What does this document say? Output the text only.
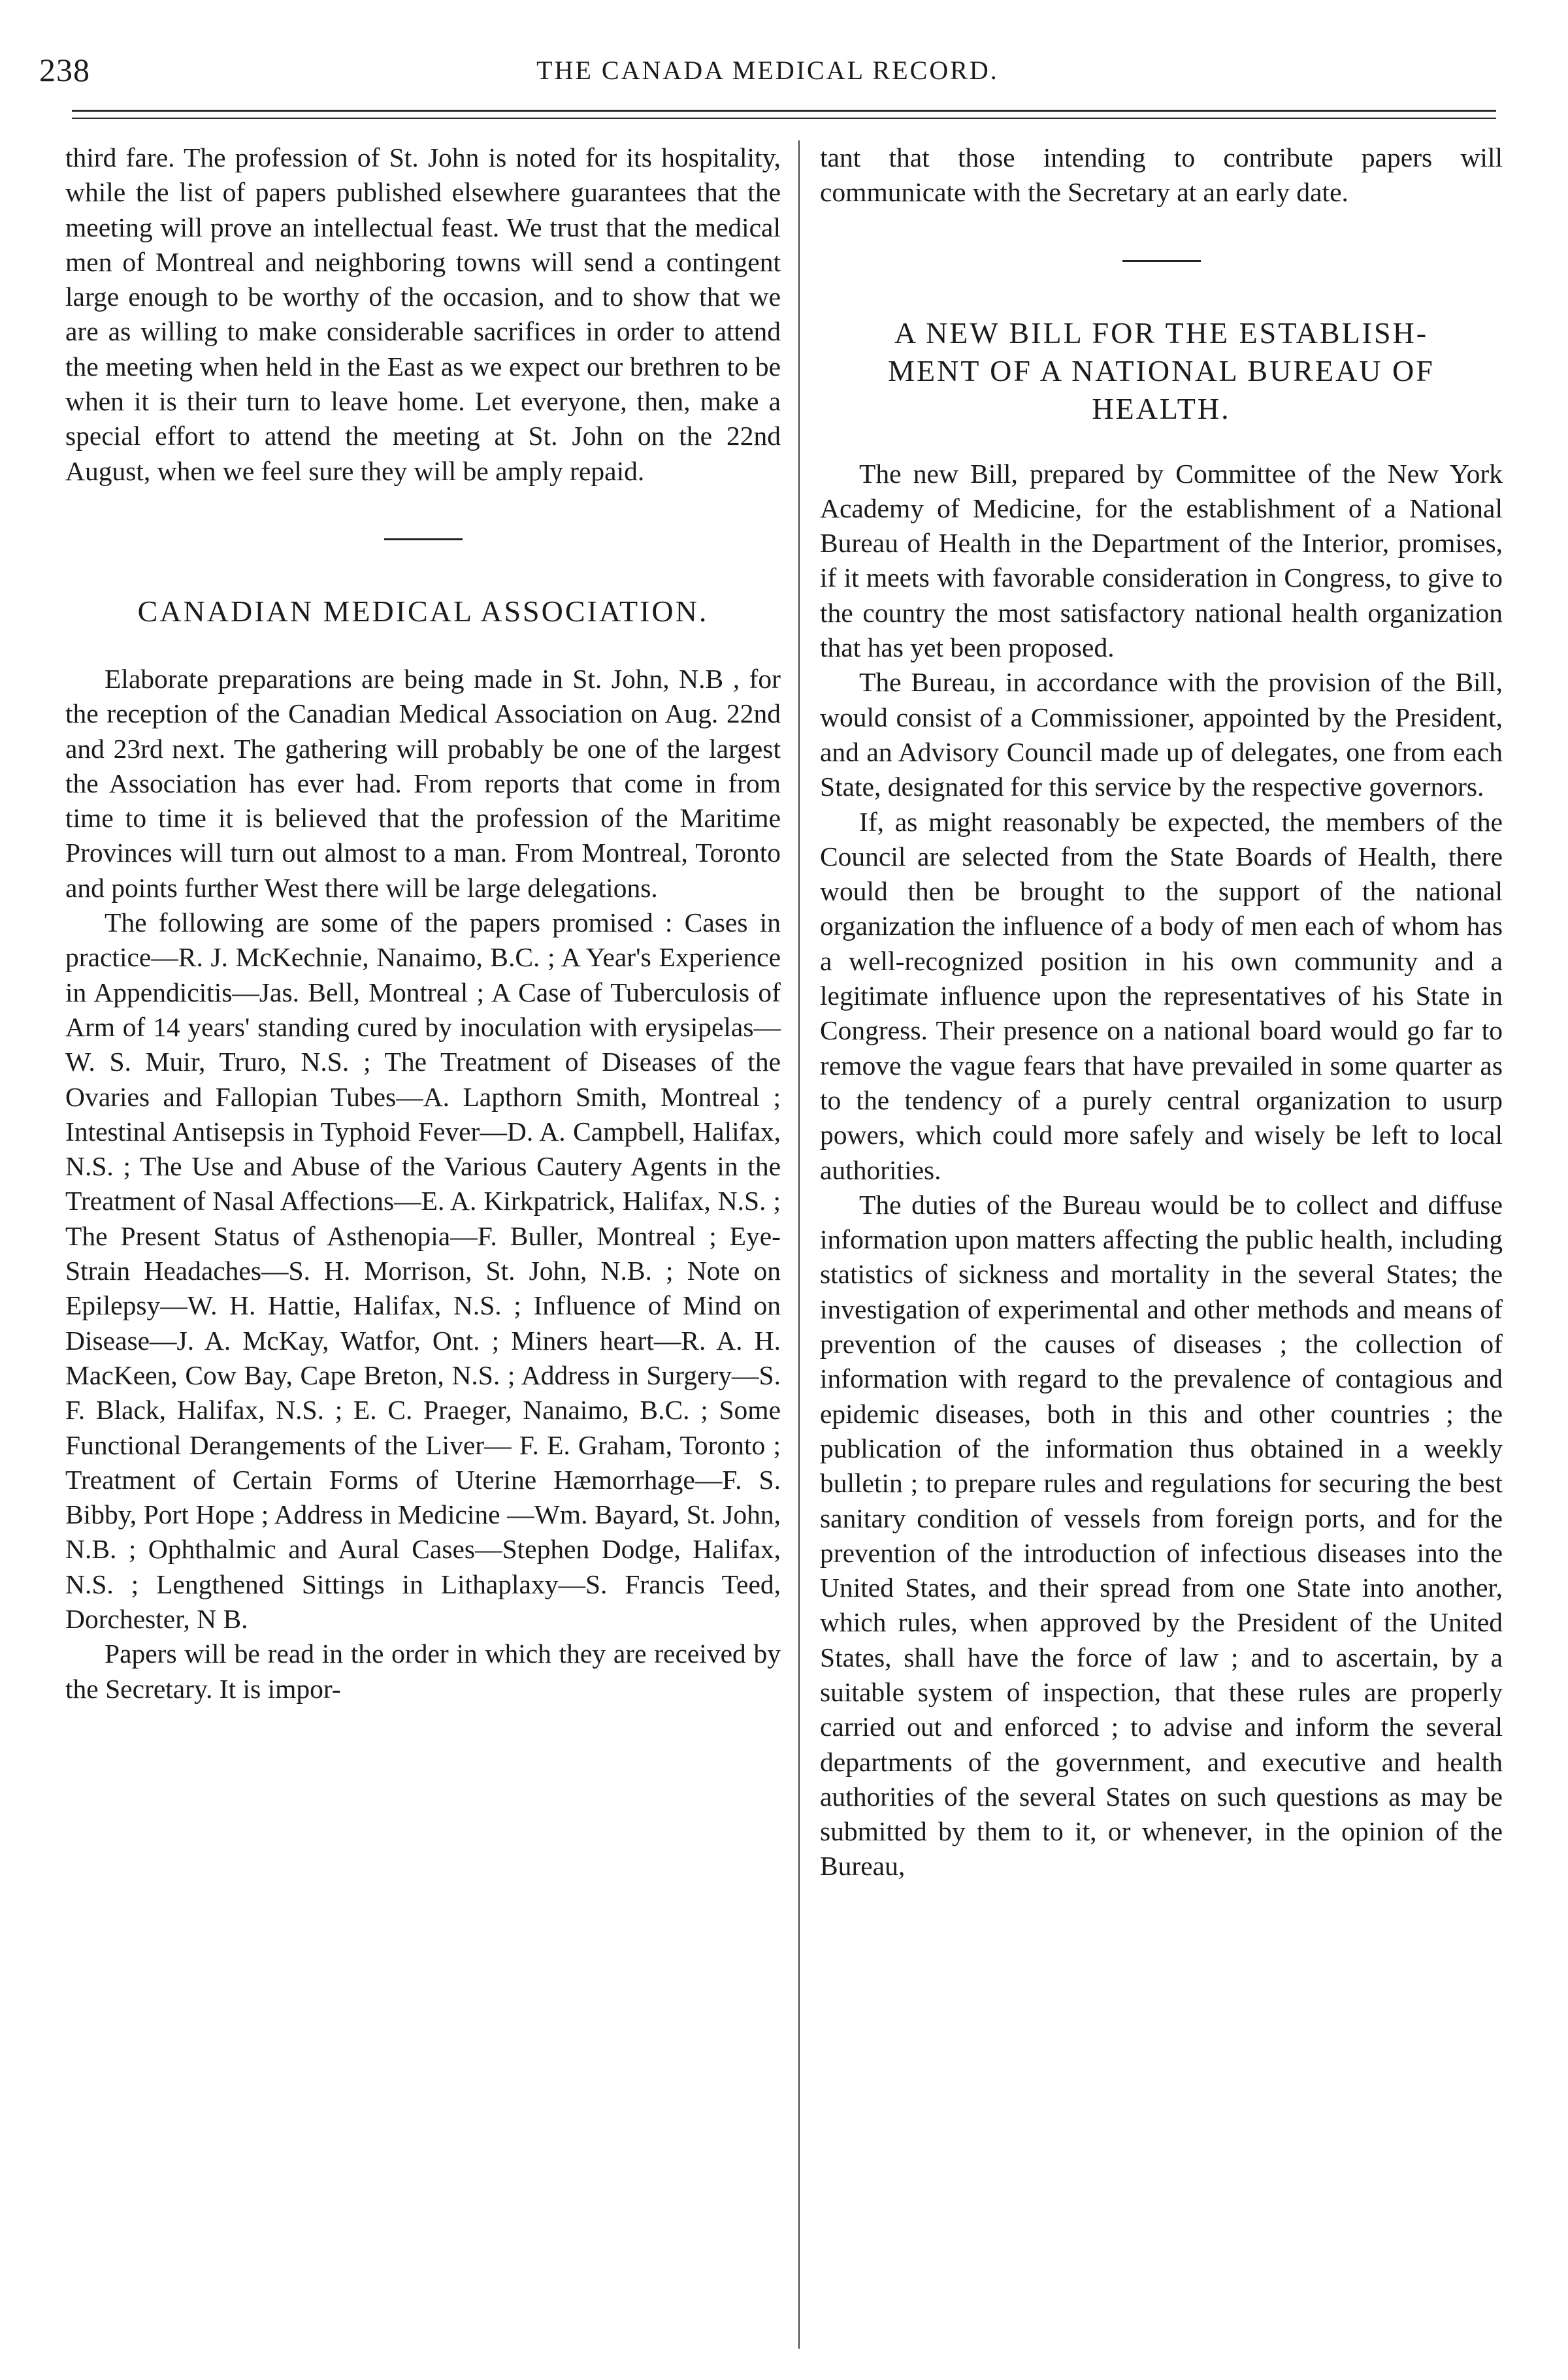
238	THE CANADA MEDICAL RECORD.

third fare. The profession of St. John is noted for its hospitality, while the list of papers published elsewhere guarantees that the meeting will prove an intellectual feast. We trust that the medical men of Montreal and neighboring towns will send a contingent large enough to be worthy of the occasion, and to show that we are as willing to make considerable sacrifices in order to attend the meeting when held in the East as we expect our brethren to be when it is their turn to leave home. Let everyone, then, make a special effort to attend the meeting at St. John on the 22nd August, when we feel sure they will be amply repaid.

CANADIAN MEDICAL ASSOCIATION.

Elaborate preparations are being made in St. John, N.B , for the reception of the Canadian Medical Association on Aug. 22nd and 23rd next. The gathering will probably be one of the largest the Association has ever had. From reports that come in from time to time it is believed that the profession of the Maritime Provinces will turn out almost to a man. From Montreal, Toronto and points further West there will be large delegations.

The following are some of the papers promised : Cases in practice—R. J. McKechnie, Nanaimo, B.C. ; A Year's Experience in Appendicitis—Jas. Bell, Montreal ; A Case of Tuberculosis of Arm of 14 years' standing cured by inoculation with erysipelas—W. S. Muir, Truro, N.S. ; The Treatment of Diseases of the Ovaries and Fallopian Tubes—A. Lapthorn Smith, Montreal ; Intestinal Antisepsis in Typhoid Fever—D. A. Campbell, Halifax, N.S. ; The Use and Abuse of the Various Cautery Agents in the Treatment of Nasal Affections—E. A. Kirkpatrick, Halifax, N.S. ; The Present Status of Asthenopia—F. Buller, Montreal ; Eye-Strain Headaches—S. H. Morrison, St. John, N.B. ; Note on Epilepsy—W. H. Hattie, Halifax, N.S. ; Influence of Mind on Disease—J. A. McKay, Watfor, Ont. ; Miners heart—R. A. H. MacKeen, Cow Bay, Cape Breton, N.S. ; Address in Surgery—S. F. Black, Halifax, N.S. ; E. C. Praeger, Nanaimo, B.C. ; Some Functional Derangements of the Liver— F. E. Graham, Toronto ; Treatment of Certain Forms of Uterine Hæmorrhage—F. S. Bibby, Port Hope ; Address in Medicine —Wm. Bayard, St. John, N.B. ; Ophthalmic and Aural Cases—Stephen Dodge, Halifax, N.S. ; Lengthened Sittings in Lithaplaxy—S. Francis Teed, Dorchester, N B.

Papers will be read in the order in which they are received by the Secretary. It is impor-

tant that those intending to contribute papers will communicate with the Secretary at an early date.

A NEW BILL FOR THE ESTABLISH-
MENT OF A NATIONAL BUREAU OF
HEALTH.

The new Bill, prepared by Committee of the New York Academy of Medicine, for the establishment of a National Bureau of Health in the Department of the Interior, promises, if it meets with favorable consideration in Congress, to give to the country the most satisfactory national health organization that has yet been proposed.

The Bureau, in accordance with the provision of the Bill, would consist of a Commissioner, appointed by the President, and an Advisory Council made up of delegates, one from each State, designated for this service by the respective governors.

If, as might reasonably be expected, the members of the Council are selected from the State Boards of Health, there would then be brought to the support of the national organization the influence of a body of men each of whom has a well-recognized position in his own community and a legitimate influence upon the representatives of his State in Congress. Their presence on a national board would go far to remove the vague fears that have prevailed in some quarter as to the tendency of a purely central organization to usurp powers, which could more safely and wisely be left to local authorities.

The duties of the Bureau would be to collect and diffuse information upon matters affecting the public health, including statistics of sickness and mortality in the several States; the investigation of experimental and other methods and means of prevention of the causes of diseases ; the collection of information with regard to the prevalence of contagious and epidemic diseases, both in this and other countries ; the publication of the information thus obtained in a weekly bulletin ; to prepare rules and regulations for securing the best sanitary condition of vessels from foreign ports, and for the prevention of the introduction of infectious diseases into the United States, and their spread from one State into another, which rules, when approved by the President of the United States, shall have the force of law ; and to ascertain, by a suitable system of inspection, that these rules are properly carried out and enforced ; to advise and inform the several departments of the government, and executive and health authorities of the several States on such questions as may be submitted by them to it, or whenever, in the opinion of the Bureau,
